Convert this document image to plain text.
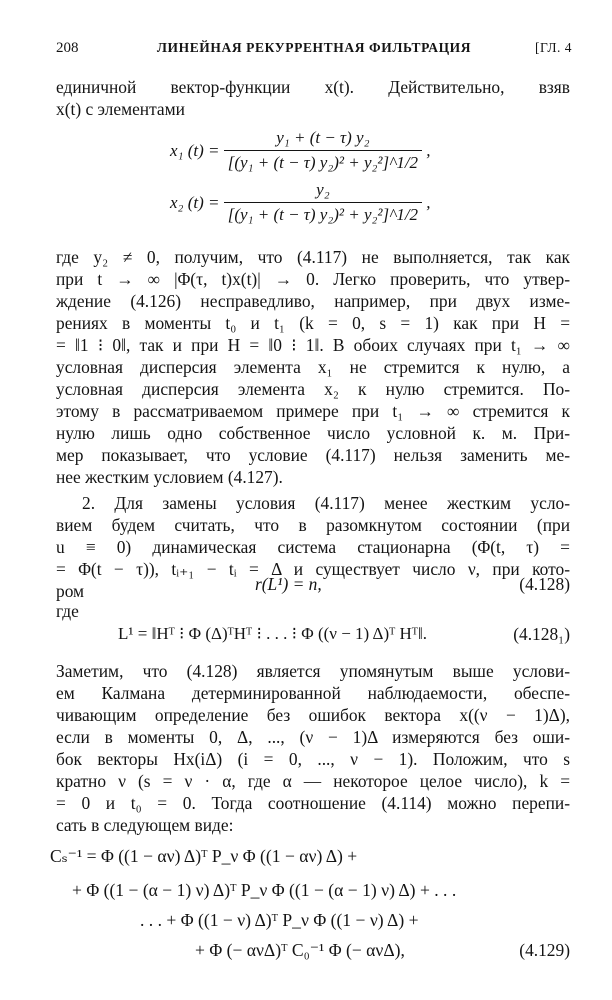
208	ЛИНЕЙНАЯ РЕКУРРЕНТНАЯ ФИЛЬТРАЦИЯ	[ГЛ. 4
единичной вектор-функции x(t). Действительно, взяв
x(t) с элементами
x₁ $(t) = \frac{\text{y₁ + (t − τ) y₂}}{\text{[(y₁ + (t − τ) y₂)² + y₂²]\textasciicircum{}1/2}}$ ,
x₂ $(t) = \frac{\text{y₂}}{\text{[(y₁ + (t − τ) y₂)² + y₂²]\textasciicircum{}1/2}}$ ,
где y₂ ≠ 0, получим, что (4.117) не выполняется, так как
при t → ∞ |Φ(τ, t)x(t)| → 0. Легко проверить, что утвер-
ждение (4.126) несправедливо, например, при двух изме-
рениях в моменты t₀ и t₁ (k = 0, s = 1) как при H =
= ‖1 ⁝ 0‖, так и при H = ‖0 ⁝ 1‖. В обоих случаях при t₁ → ∞
условная дисперсия элемента x₁ не стремится к нулю, а
условная дисперсия элемента x₂ к нулю стремится. По-
этому в рассматриваемом примере при t₁ → ∞ стремится к
нулю лишь одно собственное число условной к. м. При-
мер показывает, что условие (4.117) нельзя заменить ме-
нее жестким условием (4.127).
2. Для замены условия (4.117) менее жестким усло-
вием будем считать, что в разомкнутом состоянии (при
u ≡ 0) динамическая система стационарна (Φ(t, τ) =
= Φ(t − τ)), tᵢ₊₁ − tᵢ = Δ и существует число ν, при кото-
ром	r(L¹) = n,	(4.128)
где
L¹ = ‖Hᵀ ⁝ Φ (Δ)ᵀHᵀ ⁝ . . . ⁝ Φ ((ν − 1) Δ)ᵀ Hᵀ‖.	(4.128₁)
Заметим, что (4.128) является упомянутым выше услови-
ем Калмана детерминированной наблюдаемости, обеспе-
чивающим определение без ошибок вектора x((ν − 1)Δ),
если в моменты 0, Δ, ..., (ν − 1)Δ измеряются без оши-
бок векторы Hx(iΔ) (i = 0, ..., ν − 1). Положим, что s
кратно ν (s = ν · α, где α — некоторое целое число), k =
= 0 и t₀ = 0. Тогда соотношение (4.114) можно перепи-
сать в следующем виде:
Cₛ⁻¹ = Φ ((1 − αν) Δ)ᵀ P_ν Φ ((1 − αν) Δ) +
+ Φ ((1 − (α − 1) ν) Δ)ᵀ P_ν Φ ((1 − (α − 1) ν) Δ) + . . .
. . . + Φ ((1 − ν) Δ)ᵀ P_ν Φ ((1 − ν) Δ) +
+ Φ (− ανΔ)ᵀ C₀⁻¹ Φ (− ανΔ),	(4.129)
